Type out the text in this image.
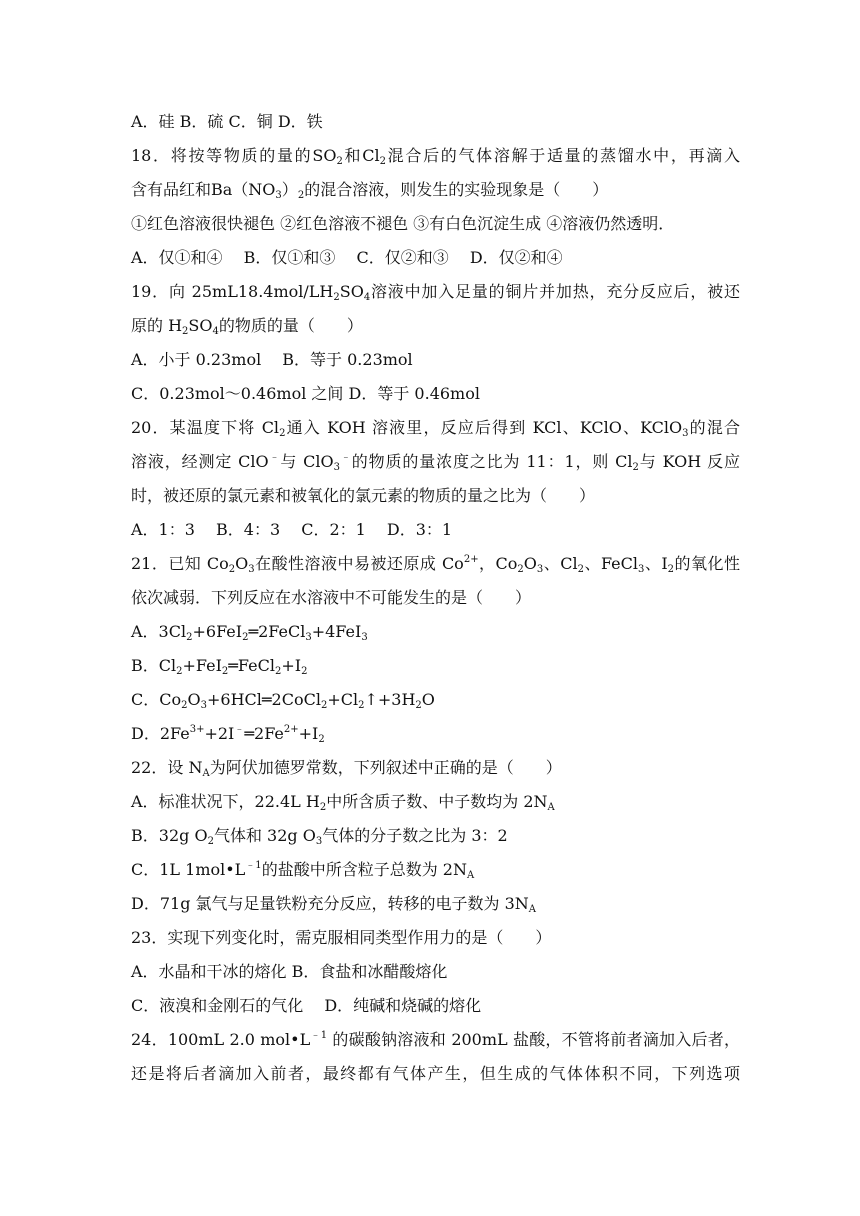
A．硅 B．硫 C．铜 D．铁
18．将按等物质的量的$SO_2$和$Cl_2$混合后的气体溶解于适量的蒸馏水中，再滴入
含有品红和$Ba(NO_3)_2$的混合溶液，则发生的实验现象是（　　）
①红色溶液很快褪色 ②红色溶液不褪色 ③有白色沉淀生成 ④溶液仍然透明．
A．仅①和④　 B．仅①和③　 C．仅②和③　 D．仅②和④
19．向 $25mL18.4mol/LH_2SO_4$溶液中加入足量的铜片并加热，充分反应后，被还
原的 $H_2SO_4$的物质的量（　　）
A．小于 0.23mol　 B．等于 0.23mol
C．0.23mol～0.46mol 之间 D．等于 0.46mol
20．某温度下将 $Cl_2$通入 KOH 溶液里，反应后得到 KCl、KClO、KClO$_3$的混合
溶液，经测定 ClO﹣与 ClO$_3$﹣的物质的量浓度之比为 11：1，则 $Cl_2$与 KOH 反应
时，被还原的氯元素和被氧化的氯元素的物质的量之比为（　　）
A．1：3　 B．4：3　 C．2：1　 D．3：1
21．已知 $Co_2O_3$在酸性溶液中易被还原成 $Co^{2+}$，$Co_2O_3$、$Cl_2$、FeCl$_3$、$I_2$的氧化性
依次减弱．下列反应在水溶液中不可能发生的是（　　）
A．$3Cl_2+6FeI_2═2FeCl_3+4FeI_3$
B．$Cl_2+FeI_2═FeCl_2+I_2$
C．$Co_2O_3+6HCl═2CoCl_2+Cl_2↑+3H_2O$
D．$2Fe^{3+}+2I^﹣═2Fe^{2+}+I_2$
22．设 $N_A$为阿伏加德罗常数，下列叙述中正确的是（　　）
A．标准状况下，22.4L $H_2$中所含质子数、中子数均为 $2N_A$
B．32g $O_2$气体和 32g $O_3$气体的分子数之比为 3：2
C．1L $1mol•L^{﹣1}$的盐酸中所含粒子总数为 $2N_A$
D．71g 氯气与足量铁粉充分反应，转移的电子数为 $3N_A$
23．实现下列变化时，需克服相同类型作用力的是（　　）
A．水晶和干冰的熔化 B．食盐和冰醋酸熔化
C．液溴和金刚石的气化　 D．纯碱和烧碱的熔化
24．100mL 2.0 $mol•L^{﹣1}$ 的碳酸钠溶液和 200mL 盐酸，不管将前者滴加入后者，
还是将后者滴加入前者，最终都有气体产生，但生成的气体体积不同，下列选项
